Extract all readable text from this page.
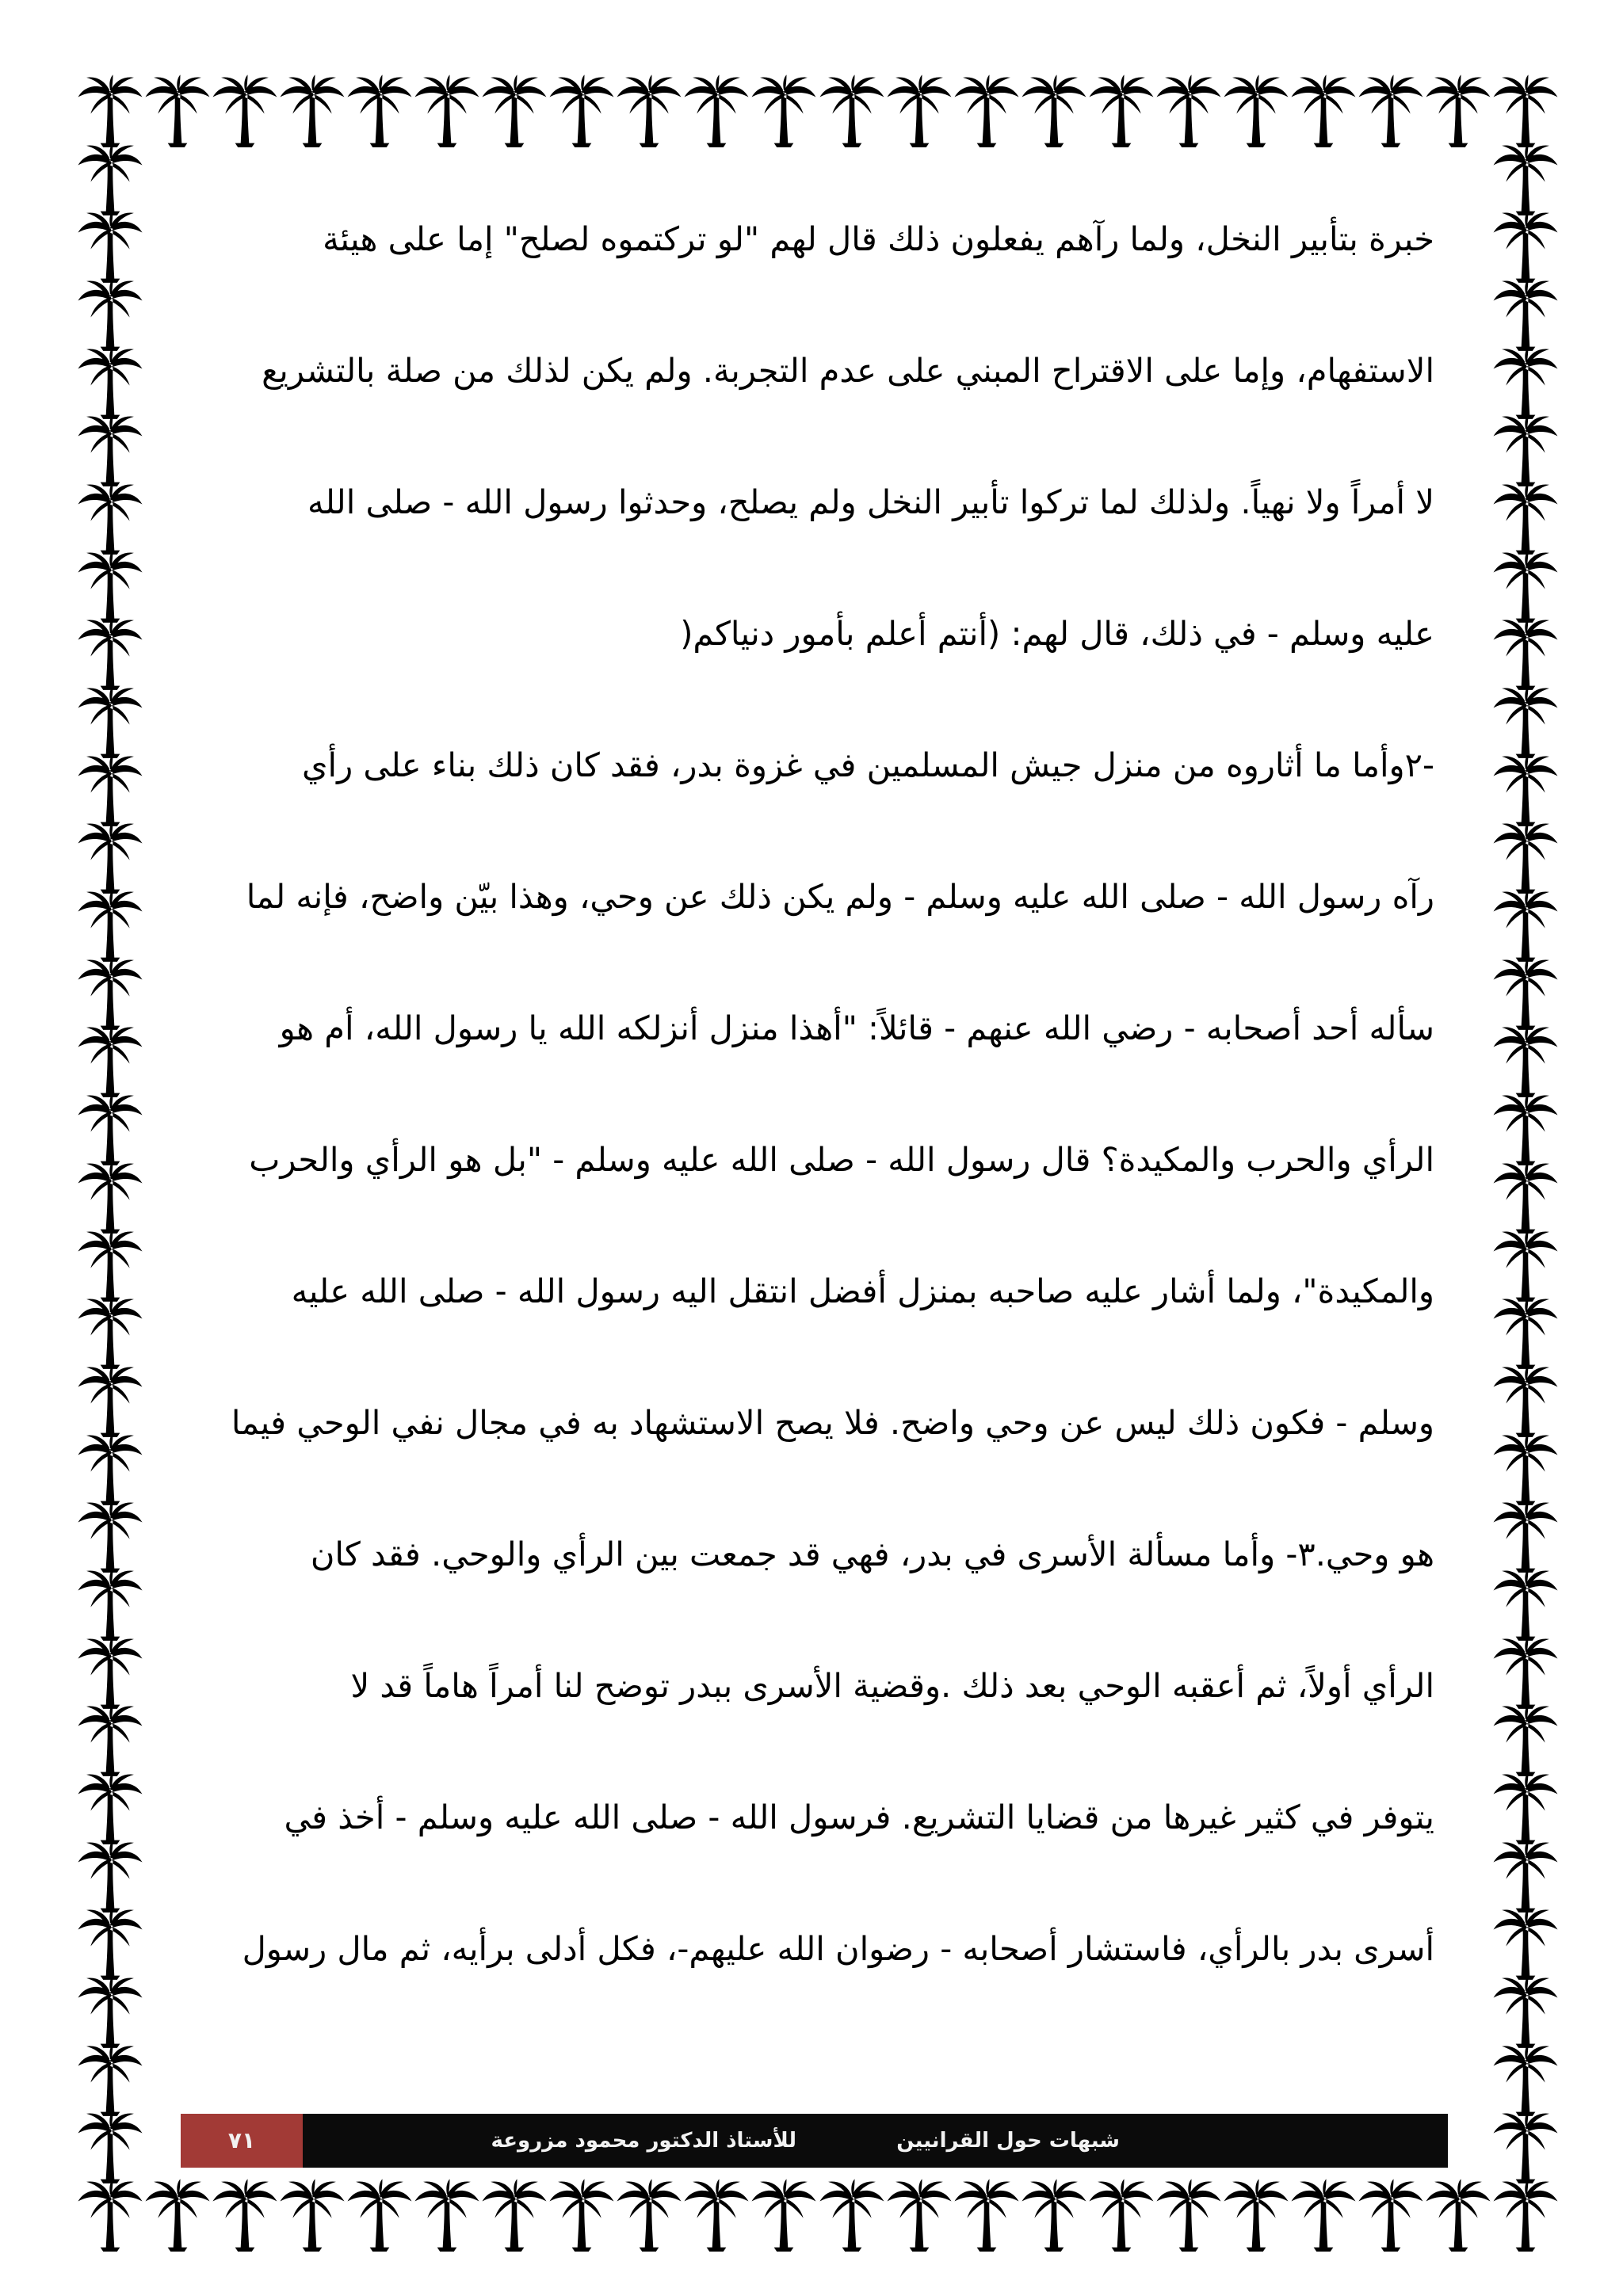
خبرة بتأبير النخل، ولما رآهم يفعلون ذلك قال لهم "لو تركتموه لصلح" إما على هيئة
الاستفهام، وإما على الاقتراح المبني على عدم التجربة. ولم يكن لذلك من صلة بالتشريع
لا أمراً ولا نهياً. ولذلك لما تركوا تأبير النخل ولم يصلح، وحدثوا رسول الله - صلى الله
عليه وسلم - في ذلك، قال لهم: (أنتم أعلم بأمور دنياكم(
-٢وأما ما أثاروه من منزل جيش المسلمين في غزوة بدر، فقد كان ذلك بناء على رأي
رآه رسول الله - صلى الله عليه وسلم - ولم يكن ذلك عن وحي، وهذا بيّن واضح، فإنه لما
سأله أحد أصحابه - رضي الله عنهم - قائلاً: "أهذا منزل أنزلكه الله يا رسول الله، أم هو
الرأي والحرب والمكيدة؟ قال رسول الله - صلى الله عليه وسلم - "بل هو الرأي والحرب
والمكيدة"، ولما أشار عليه صاحبه بمنزل أفضل انتقل اليه رسول الله - صلى الله عليه
وسلم - فكون ذلك ليس عن وحي واضح. فلا يصح الاستشهاد به في مجال نفي الوحي فيما
هو وحي.٣- وأما مسألة الأسرى في بدر، فهي قد جمعت بين الرأي والوحي. فقد كان
الرأي أولاً، ثم أعقبه الوحي بعد ذلك .وقضية الأسرى ببدر توضح لنا أمراً هاماً قد لا
يتوفر في كثير غيرها من قضايا التشريع. فرسول الله - صلى الله عليه وسلم - أخذ في
أسرى بدر بالرأي، فاستشار أصحابه - رضوان الله عليهم-، فكل أدلى برأيه، ثم مال رسول
٧١	شبهات حول القرانيين
للأستاذ الدكتور محمود مزروعة
